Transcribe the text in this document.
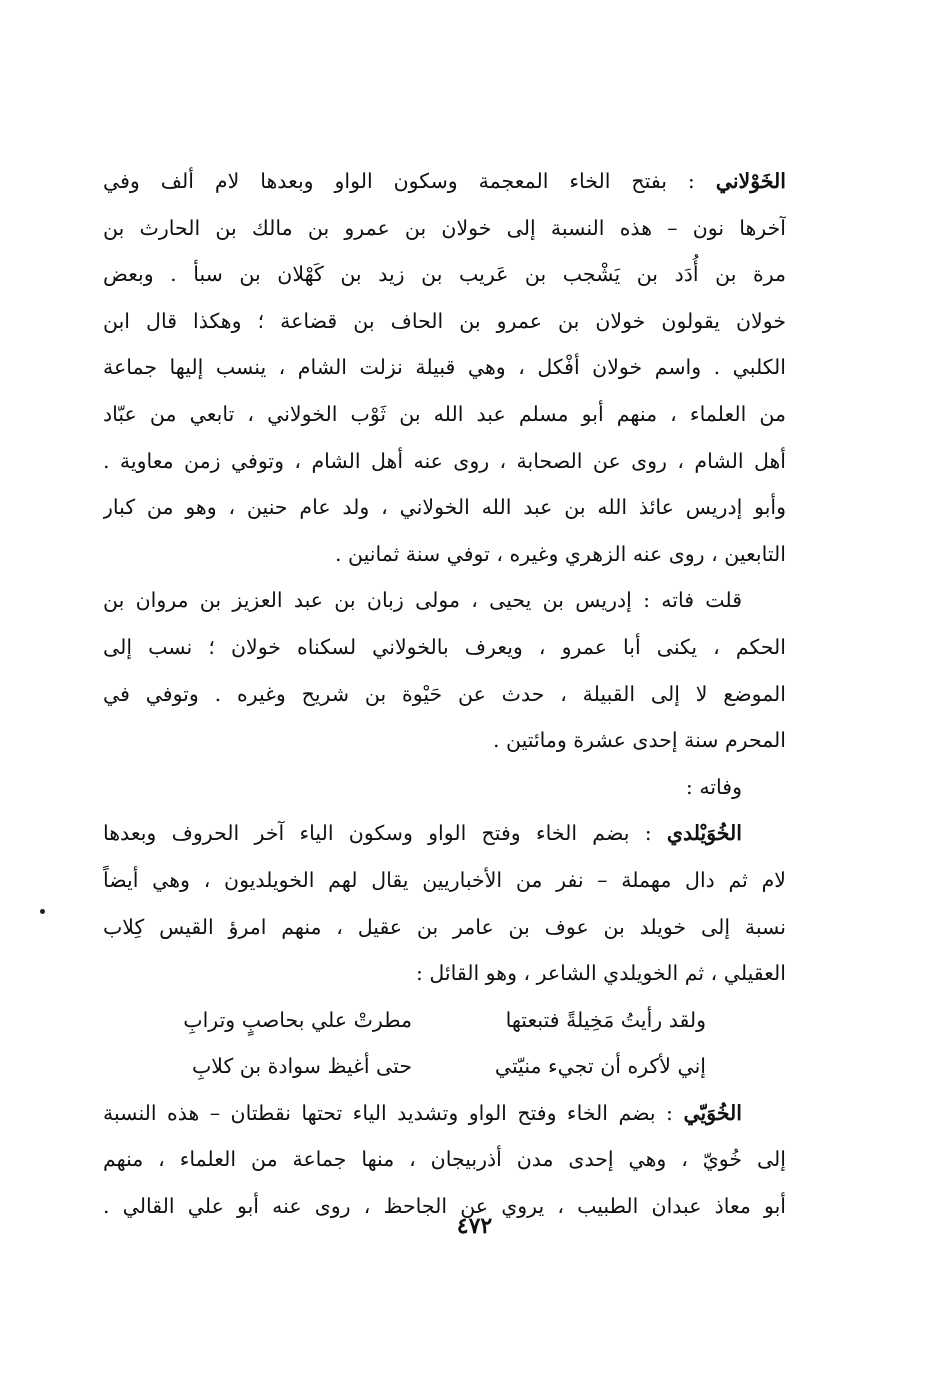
الخَوْلاني : بفتح الخاء المعجمة وسكون الواو وبعدها لام ألف وفي
آخرها نون – هذه النسبة إلى خولان بن عمرو بن مالك بن الحارث بن
مرة بن أُدَد بن يَشْجب بن عَريب بن زيد بن كَهْلان بن سبأ . وبعض
خولان يقولون خولان بن عمرو بن الحاف بن قضاعة ؛ وهكذا قال ابن
الكلبي . واسم خولان أفْكل ، وهي قبيلة نزلت الشام ، ينسب إليها جماعة
من العلماء ، منهم أبو مسلم عبد الله بن ثَوْب الخولاني ، تابعي من عبّاد
أهل الشام ، روى عن الصحابة ، روى عنه أهل الشام ، وتوفي زمن معاوية .
وأبو إدريس عائذ الله بن عبد الله الخولاني ، ولد عام حنين ، وهو من كبار
التابعين ، روى عنه الزهري وغيره ، توفي سنة ثمانين .
قلت فاته : إدريس بن يحيى ، مولى زبان بن عبد العزيز بن مروان بن
الحكم ، يكنى أبا عمرو ، ويعرف بالخولاني لسكناه خولان ؛ نسب إلى
الموضع لا إلى القبيلة ، حدث عن حَيْوة بن شريح وغيره . وتوفي في
المحرم سنة إحدى عشرة ومائتين .
وفاته :
الخُوَيْلدي : بضم الخاء وفتح الواو وسكون الياء آخر الحروف وبعدها
لام ثم دال مهملة – نفر من الأخباريين يقال لهم الخويلديون ، وهي أيضاً
نسبة إلى خويلد بن عوف بن عامر بن عقيل ، منهم امرؤ القيس كِلاب
العقيلي ، ثم الخويلدي الشاعر ، وهو القائل :
ولقد رأيتُ مَخِيلةً فتبعتها
مطرتْ علي بحاصبٍ وترابِ
إني لأكره أن تجيء منيّتي
حتى أغيظ سوادة بن كلابِ
الخُوَيّي : بضم الخاء وفتح الواو وتشديد الياء تحتها نقطتان – هذه النسبة
إلى خُويّ ، وهي إحدى مدن أذربيجان ، منها جماعة من العلماء ، منهم
أبو معاذ عبدان الطبيب ، يروي عن الجاحظ ، روى عنه أبو علي القالي .
٤٧٢
